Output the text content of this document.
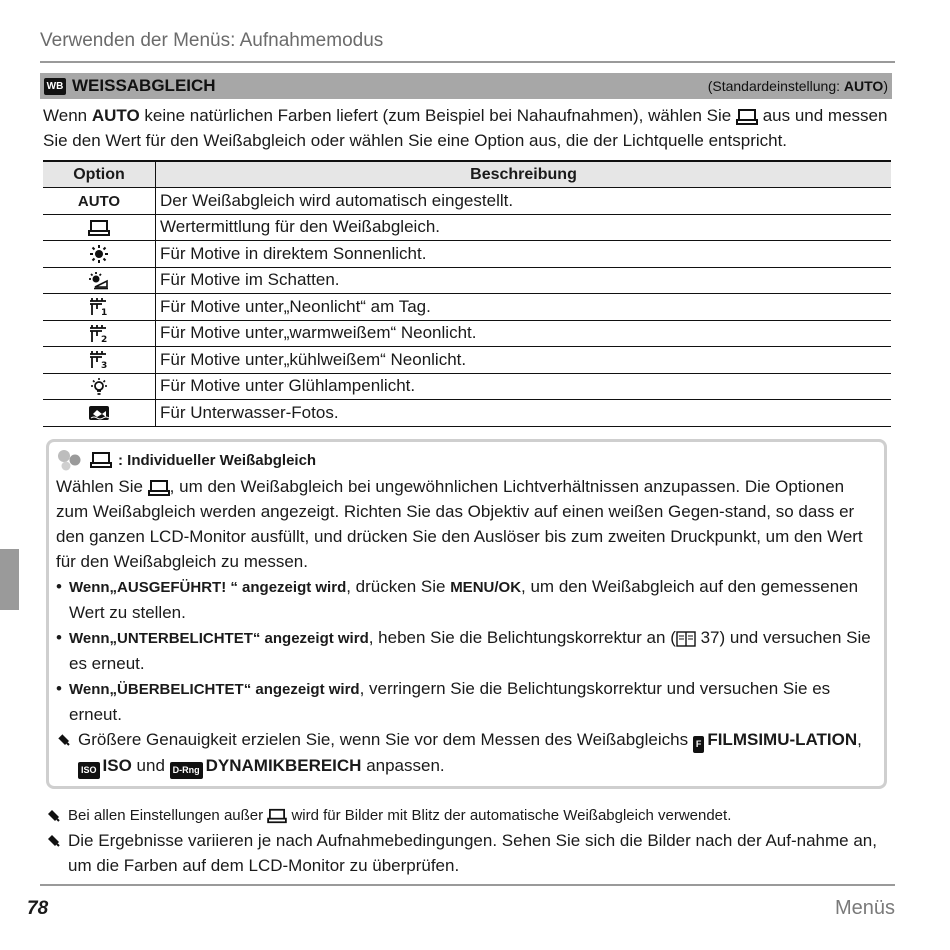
Verwenden der Menüs: Aufnahmemodus
WB WEISSABGLEICH	(Standardeinstellung: AUTO)
Wenn AUTO keine natürlichen Farben liefert (zum Beispiel bei Nahaufnahmen), wählen Sie  aus und messen Sie den Wert für den Weißabgleich oder wählen Sie eine Option aus, die der Lichtquelle entspricht.
Option	Beschreibung
AUTO	Der Weißabgleich wird automatisch eingestellt.
	Wertermittlung für den Weißabgleich.
	Für Motive in direktem Sonnenlicht.
	Für Motive im Schatten.

1	Für Motive unter„Neonlicht“ am Tag.

2	Für Motive unter„warmweißem“ Neonlicht.

3	Für Motive unter„kühlweißem“ Neonlicht.
	Für Motive unter Glühlampenlicht.
	Für Unterwasser-Fotos.
: Individueller Weißabgleich
Wählen Sie , um den Weißabgleich bei ungewöhnlichen Lichtverhältnissen anzupassen. Die Optionen zum Weißabgleich werden angezeigt. Richten Sie das Objektiv auf einen weißen Gegen-stand, so dass er den ganzen LCD-Monitor ausfüllt, und drücken Sie den Auslöser bis zum zweiten Druckpunkt, um den Wert für den Weißabgleich zu messen.
• Wenn„AUSGEFÜHRT! “ angezeigt wird, drücken Sie MENU/OK, um den Weißabgleich auf den gemessenen Wert zu stellen.
• Wenn„UNTERBELICHTET“ angezeigt wird, heben Sie die Belichtungskorrektur an ( 37) und versuchen Sie es erneut.
• Wenn„ÜBERBELICHTET“ angezeigt wird, verringern Sie die Belichtungskorrektur und versuchen Sie es erneut.
Größere Genauigkeit erzielen Sie, wenn Sie vor dem Messen des Weißabgleichs F FILMSIMU-LATION, ISO ISO und D-Rng DYNAMIKBEREICH anpassen.
Bei allen Einstellungen außer  wird für Bilder mit Blitz der automatische Weißabgleich verwendet.
Die Ergebnisse variieren je nach Aufnahmebedingungen. Sehen Sie sich die Bilder nach der Auf-nahme an, um die Farben auf dem LCD-Monitor zu überprüfen.
78	Menüs
